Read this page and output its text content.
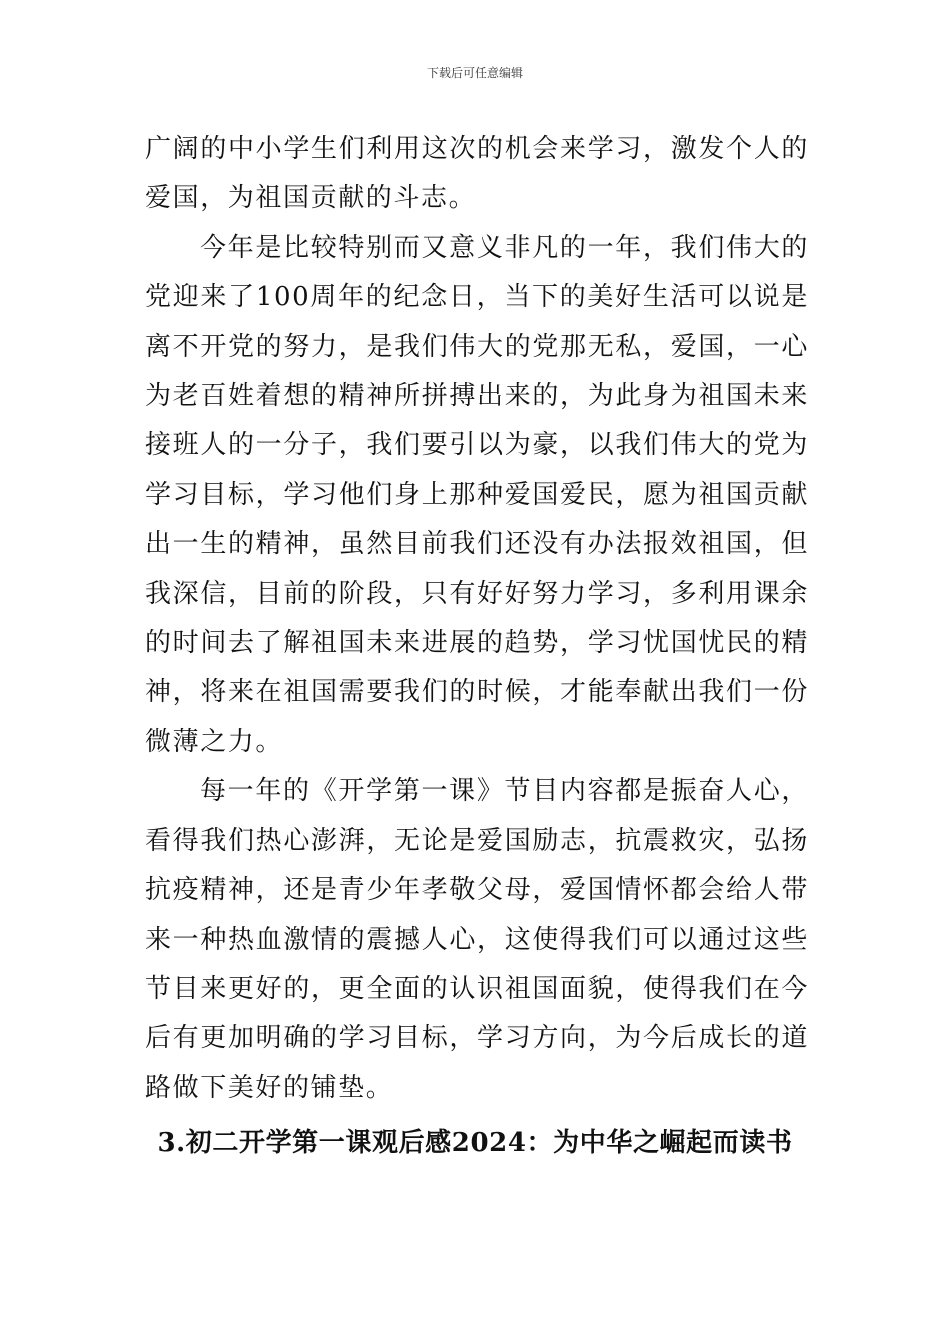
下载后可任意编辑

广阔的中小学生们利用这次的机会来学习，激发个人的爱国，为祖国贡献的斗志。

今年是比较特别而又意义非凡的一年，我们伟大的党迎来了100周年的纪念日，当下的美好生活可以说是离不开党的努力，是我们伟大的党那无私，爱国，一心为老百姓着想的精神所拼搏出来的，为此身为祖国未来接班人的一分子，我们要引以为豪，以我们伟大的党为学习目标，学习他们身上那种爱国爱民，愿为祖国贡献出一生的精神，虽然目前我们还没有办法报效祖国，但我深信，目前的阶段，只有好好努力学习，多利用课余的时间去了解祖国未来进展的趋势，学习忧国忧民的精神，将来在祖国需要我们的时候，才能奉献出我们一份微薄之力。

每一年的《开学第一课》节目内容都是振奋人心，看得我们热心澎湃，无论是爱国励志，抗震救灾，弘扬抗疫精神，还是青少年孝敬父母，爱国情怀都会给人带来一种热血激情的震撼人心，这使得我们可以通过这些节目来更好的，更全面的认识祖国面貌，使得我们在今后有更加明确的学习目标，学习方向，为今后成长的道路做下美好的铺垫。

3.初二开学第一课观后感2024：为中华之崛起而读书
